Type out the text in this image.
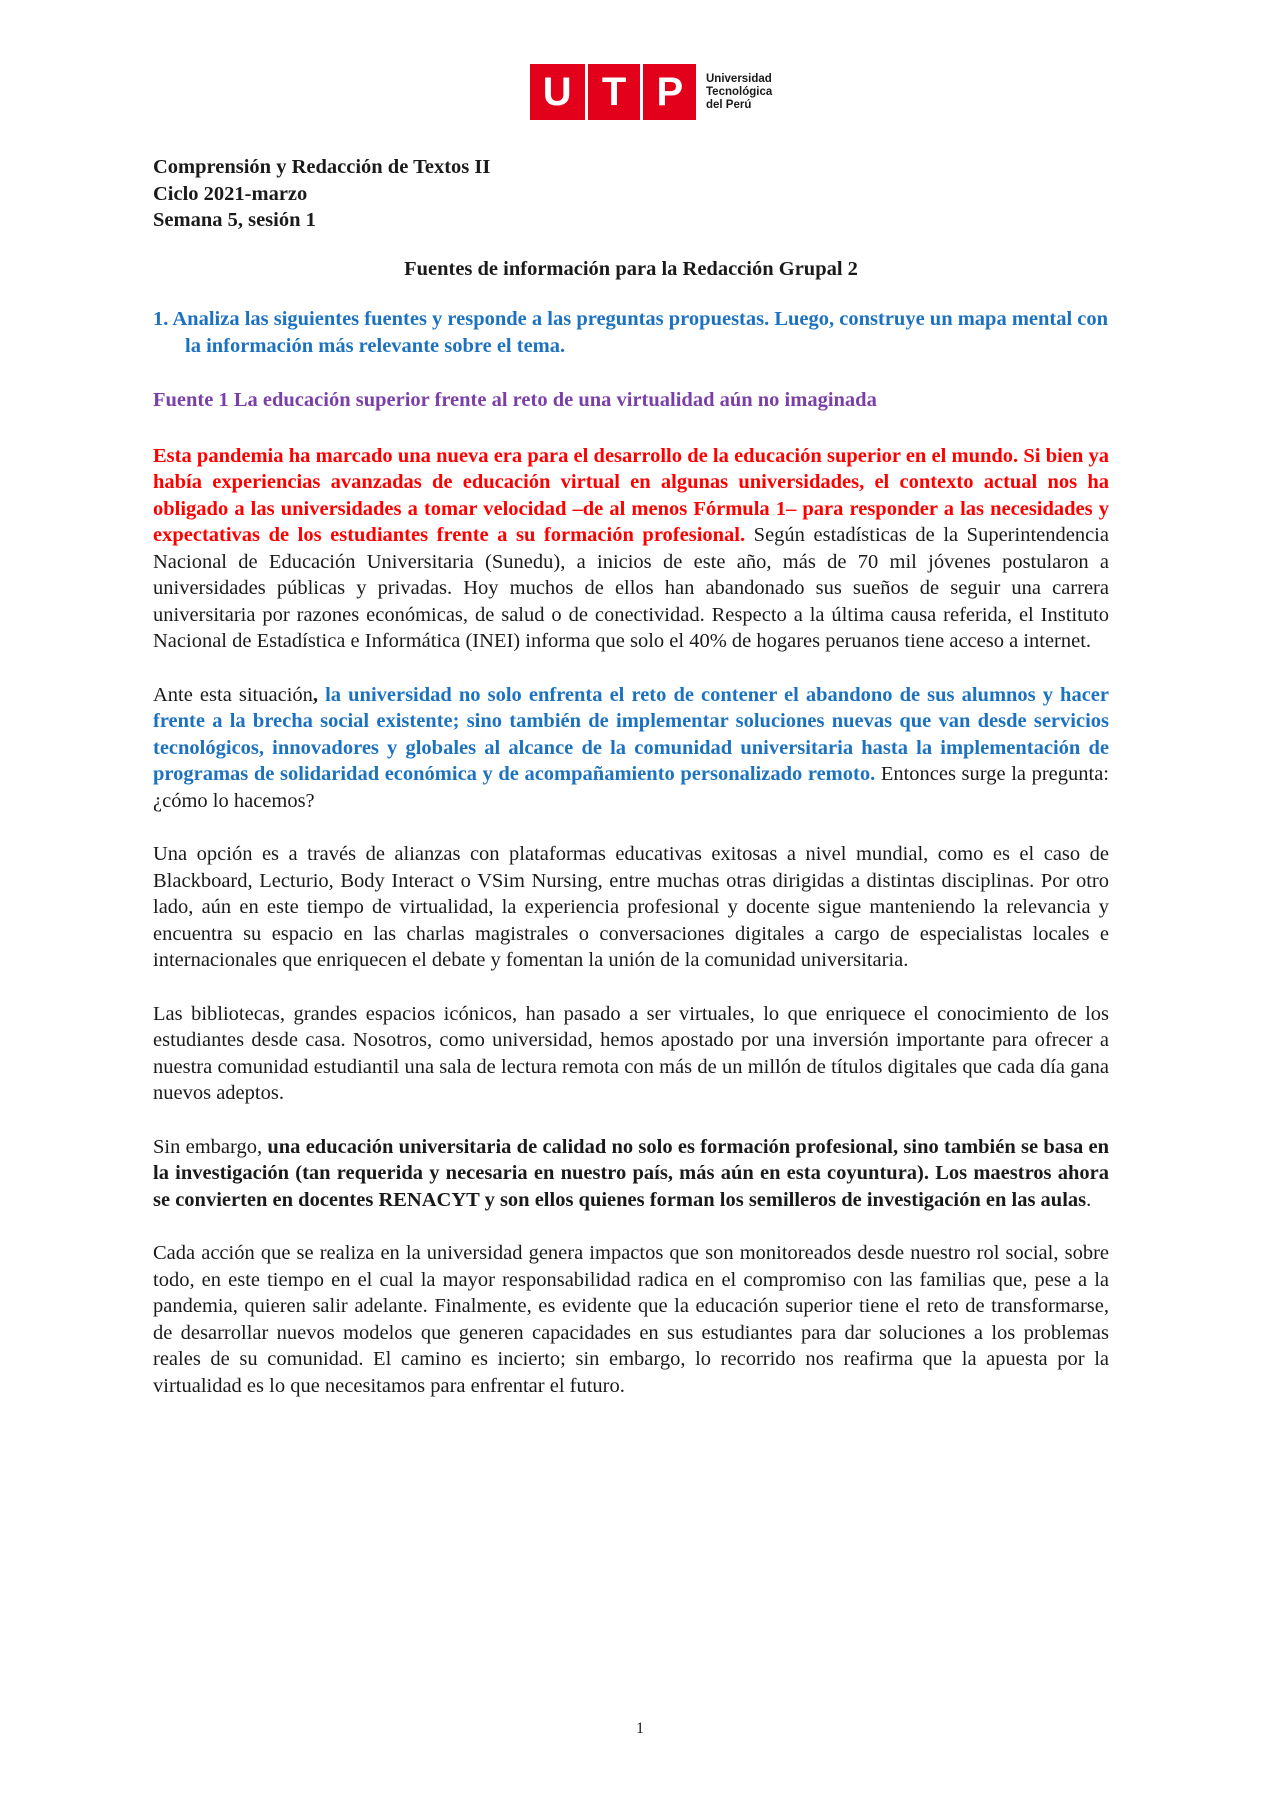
U T P Universidad
Tecnológica
del Perú
Comprensión y Redacción de Textos II
Ciclo 2021-marzo
Semana 5, sesión 1
Fuentes de información para la Redacción Grupal 2
1. Analiza las siguientes fuentes y responde a las preguntas propuestas. Luego, construye un mapa mental con la información más relevante sobre el tema.
Fuente 1 La educación superior frente al reto de una virtualidad aún no imaginada

Esta pandemia ha marcado una nueva era para el desarrollo de la educación superior en el mundo. Si bien ya había experiencias avanzadas de educación virtual en algunas universidades, el contexto actual nos ha obligado a las universidades a tomar velocidad –de al menos Fórmula 1– para responder a las necesidades y expectativas de los estudiantes frente a su formación profesional. Según estadísticas de la Superintendencia Nacional de Educación Universitaria (Sunedu), a inicios de este año, más de 70 mil jóvenes postularon a universidades públicas y privadas. Hoy muchos de ellos han abandonado sus sueños de seguir una carrera universitaria por razones económicas, de salud o de conectividad. Respecto a la última causa referida, el Instituto Nacional de Estadística e Informática (INEI) informa que solo el 40% de hogares peruanos tiene acceso a internet.

Ante esta situación, la universidad no solo enfrenta el reto de contener el abandono de sus alumnos y hacer frente a la brecha social existente; sino también de implementar soluciones nuevas que van desde servicios tecnológicos, innovadores y globales al alcance de la comunidad universitaria hasta la implementación de programas de solidaridad económica y de acompañamiento personalizado remoto. Entonces surge la pregunta: ¿cómo lo hacemos?

Una opción es a través de alianzas con plataformas educativas exitosas a nivel mundial, como es el caso de Blackboard, Lecturio, Body Interact o VSim Nursing, entre muchas otras dirigidas a distintas disciplinas. Por otro lado, aún en este tiempo de virtualidad, la experiencia profesional y docente sigue manteniendo la relevancia y encuentra su espacio en las charlas magistrales o conversaciones digitales a cargo de especialistas locales e internacionales que enriquecen el debate y fomentan la unión de la comunidad universitaria.

Las bibliotecas, grandes espacios icónicos, han pasado a ser virtuales, lo que enriquece el conocimiento de los estudiantes desde casa. Nosotros, como universidad, hemos apostado por una inversión importante para ofrecer a nuestra comunidad estudiantil una sala de lectura remota con más de un millón de títulos digitales que cada día gana nuevos adeptos.

Sin embargo, una educación universitaria de calidad no solo es formación profesional, sino también se basa en la investigación (tan requerida y necesaria en nuestro país, más aún en esta coyuntura). Los maestros ahora se convierten en docentes RENACYT y son ellos quienes forman los semilleros de investigación en las aulas.

Cada acción que se realiza en la universidad genera impactos que son monitoreados desde nuestro rol social, sobre todo, en este tiempo en el cual la mayor responsabilidad radica en el compromiso con las familias que, pese a la pandemia, quieren salir adelante. Finalmente, es evidente que la educación superior tiene el reto de transformarse, de desarrollar nuevos modelos que generen capacidades en sus estudiantes para dar soluciones a los problemas reales de su comunidad. El camino es incierto; sin embargo, lo recorrido nos reafirma que la apuesta por la virtualidad es lo que necesitamos para enfrentar el futuro.

1
